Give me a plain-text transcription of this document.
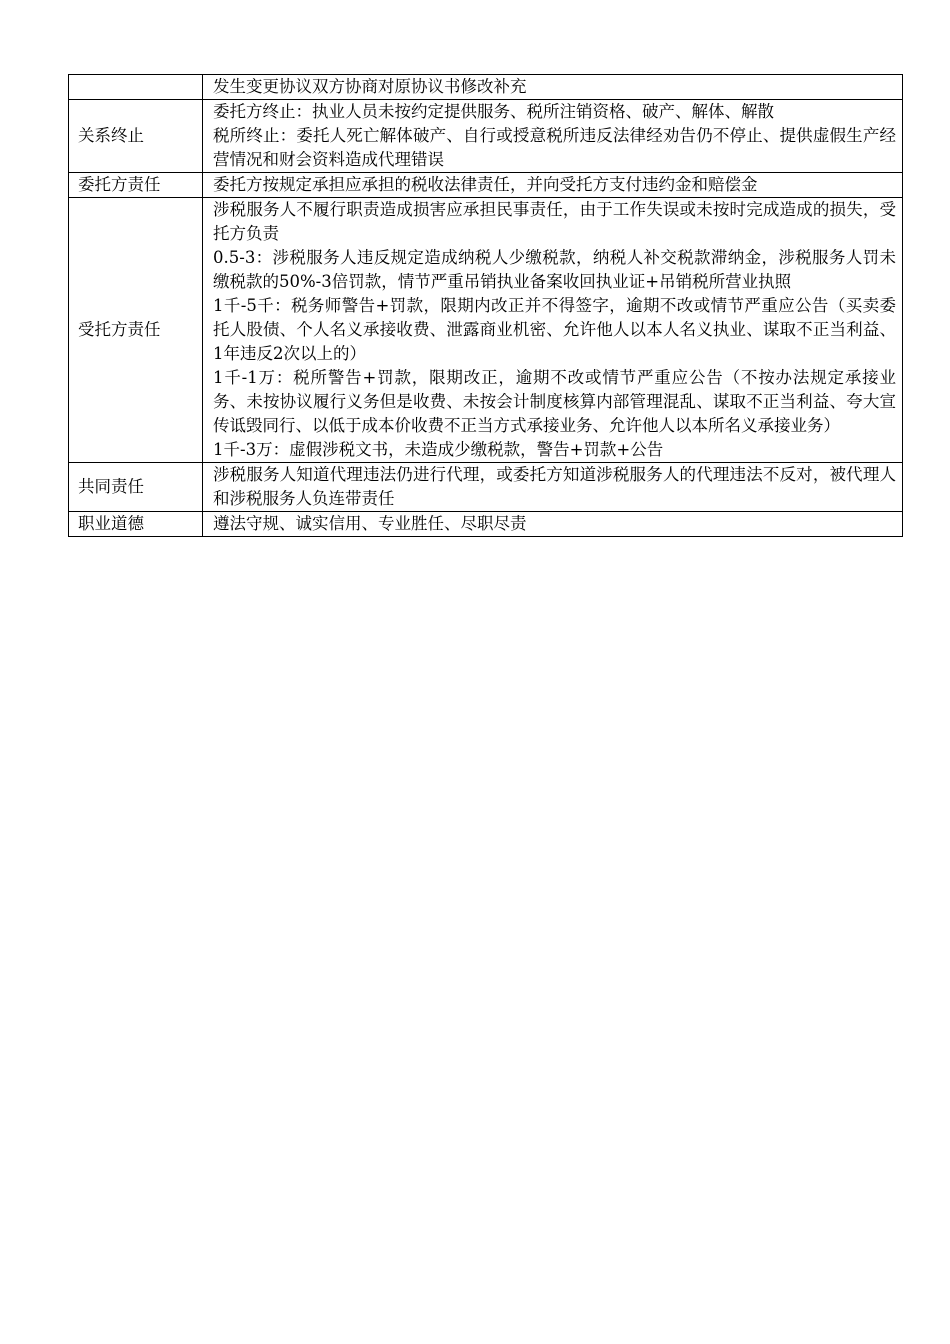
	发生变更协议双方协商对原协议书修改补充

关系终止	委托方终止：执业人员未按约定提供服务、税所注销资格、破产、解体、解散
税所终止：委托人死亡解体破产、自行或授意税所违反法律经劝告仍不停止、提供虚假生产经营情况和财会资料造成代理错误

委托方责任	委托方按规定承担应承担的税收法律责任，并向受托方支付违约金和赔偿金

受托方责任	涉税服务人不履行职责造成损害应承担民事责任，由于工作失误或未按时完成造成的损失，受托方负责
0.5-3：涉税服务人违反规定造成纳税人少缴税款，纳税人补交税款滞纳金，涉税服务人罚未缴税款的50%-3倍罚款，情节严重吊销执业备案收回执业证+吊销税所营业执照
1千-5千：税务师警告+罚款，限期内改正并不得签字，逾期不改或情节严重应公告（买卖委托人股债、个人名义承接收费、泄露商业机密、允许他人以本人名义执业、谋取不正当利益、1年违反2次以上的）
1千-1万：税所警告+罚款，限期改正，逾期不改或情节严重应公告（不按办法规定承接业务、未按协议履行义务但是收费、未按会计制度核算内部管理混乱、谋取不正当利益、夸大宣传诋毁同行、以低于成本价收费不正当方式承接业务、允许他人以本所名义承接业务）
1千-3万：虚假涉税文书，未造成少缴税款，警告+罚款+公告

共同责任	涉税服务人知道代理违法仍进行代理，或委托方知道涉税服务人的代理违法不反对，被代理人和涉税服务人负连带责任

职业道德	遵法守规、诚实信用、专业胜任、尽职尽责
